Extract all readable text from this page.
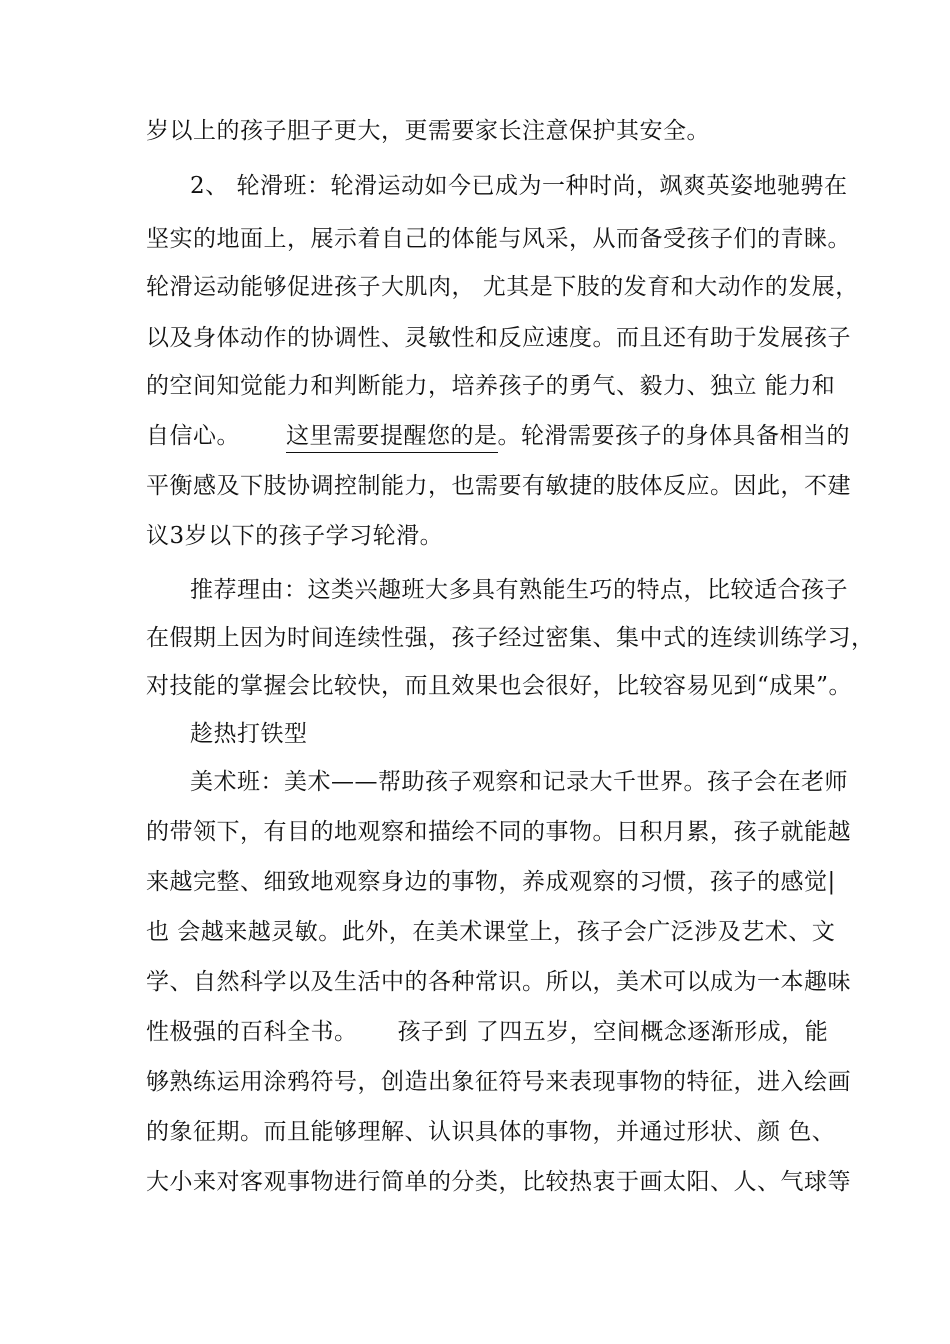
岁以上的孩子胆子更大，更需要家长注意保护其安全。
2、 轮滑班：轮滑运动如今已成为一种时尚，飒爽英姿地驰骋在
坚实的地面上，展示着自己的体能与风采，从而备受孩子们的青睐。
轮滑运动能够促进孩子大肌肉， 尤其是下肢的发育和大动作的发展，
以及身体动作的协调性、灵敏性和反应速度。而且还有助于发展孩子
的空间知觉能力和判断能力，培养孩子的勇气、毅力、独立 能力和
自信心。 这里需要提醒您的是。轮滑需要孩子的身体具备相当的
平衡感及下肢协调控制能力，也需要有敏捷的肢体反应。因此，不建
议3岁以下的孩子学习轮滑。
推荐理由：这类兴趣班大多具有熟能生巧的特点，比较适合孩子
在假期上因为时间连续性强，孩子经过密集、集中式的连续训练学习，
对技能的掌握会比较快，而且效果也会很好，比较容易见到“成果”。
趁热打铁型
美术班：美术——帮助孩子观察和记录大千世界。孩子会在老师
的带领下，有目的地观察和描绘不同的事物。日积月累，孩子就能越
来越完整、细致地观察身边的事物，养成观察的习惯，孩子的感觉|
也 会越来越灵敏。此外，在美术课堂上，孩子会广泛涉及艺术、文
学、自然科学以及生活中的各种常识。所以，美术可以成为一本趣味
性极强的百科全书。 孩子到 了四五岁，空间概念逐渐形成，能
够熟练运用涂鸦符号，创造出象征符号来表现事物的特征，进入绘画
的象征期。而且能够理解、认识具体的事物，并通过形状、颜 色、
大小来对客观事物进行简单的分类，比较热衷于画太阳、人、气球等
